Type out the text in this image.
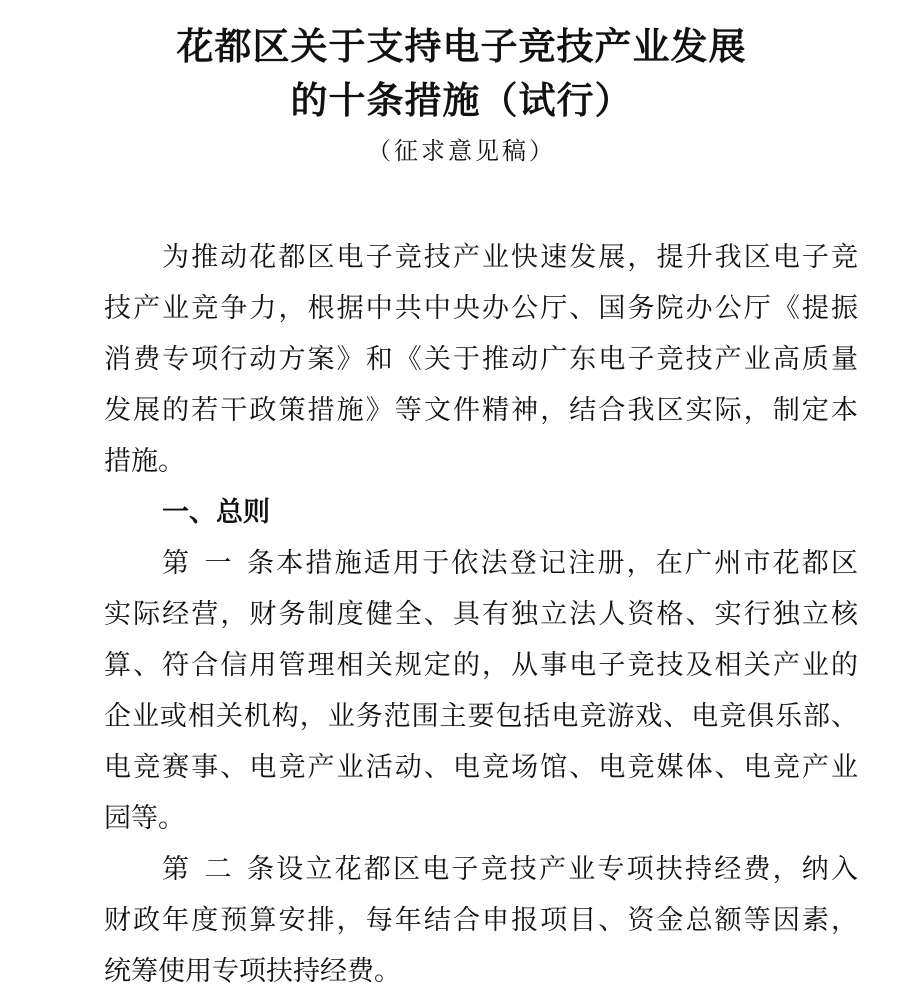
花都区关于支持电子竞技产业发展
的十条措施（试行）
（征求意见稿）
为推动花都区电子竞技产业快速发展，提升我区电子竞
技产业竞争力，根据中共中央办公厅、国务院办公厅《提振
消费专项行动方案》和《关于推动广东电子竞技产业高质量
发展的若干政策措施》等文件精神，结合我区实际，制定本
措施。
一、总则
第一条本措施适用于依法登记注册，在广州市花都区
实际经营，财务制度健全、具有独立法人资格、实行独立核
算、符合信用管理相关规定的，从事电子竞技及相关产业的
企业或相关机构，业务范围主要包括电竞游戏、电竞俱乐部、
电竞赛事、电竞产业活动、电竞场馆、电竞媒体、电竞产业
园等。
第二条设立花都区电子竞技产业专项扶持经费，纳入
财政年度预算安排，每年结合申报项目、资金总额等因素，
统筹使用专项扶持经费。
